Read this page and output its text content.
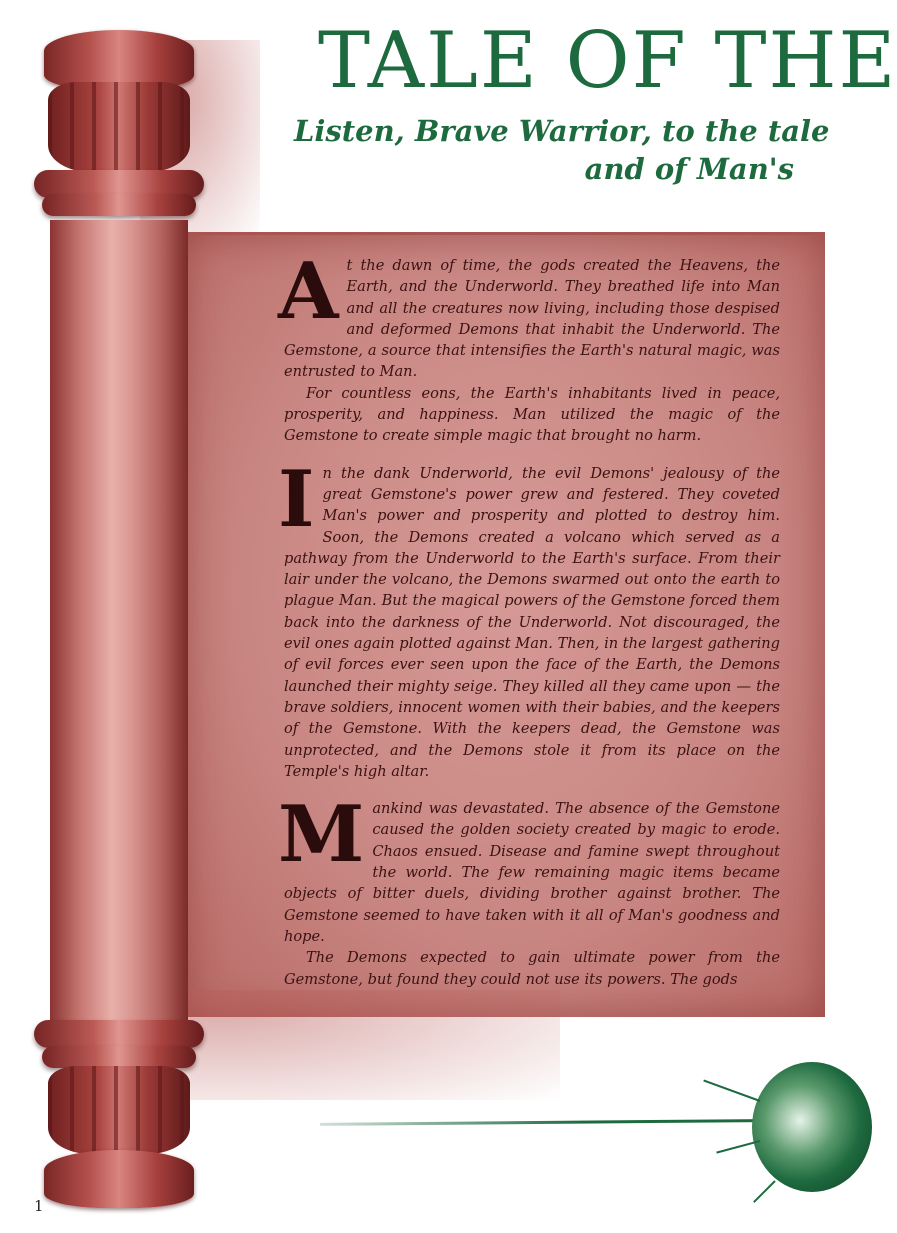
TALE OF THE
Listen, Brave Warrior, to the tale
and of Man's

At the dawn of time, the gods created the Heavens, the Earth, and the Underworld. They breathed life into Man and all the creatures now living, including those despised and deformed Demons that inhabit the Underworld. The Gemstone, a source that intensifies the Earth's natural magic, was entrusted to Man.

For countless eons, the Earth's inhabitants lived in peace, prosperity, and happiness. Man utilized the magic of the Gemstone to create simple magic that brought no harm.

In the dank Underworld, the evil Demons' jealousy of the great Gemstone's power grew and festered. They coveted Man's power and prosperity and plotted to destroy him. Soon, the Demons created a volcano which served as a pathway from the Underworld to the Earth's surface. From their lair under the volcano, the Demons swarmed out onto the earth to plague Man. But the magical powers of the Gemstone forced them back into the darkness of the Underworld. Not discouraged, the evil ones again plotted against Man. Then, in the largest gathering of evil forces ever seen upon the face of the Earth, the Demons launched their mighty seige. They killed all they came upon — the brave soldiers, innocent women with their babies, and the keepers of the Gemstone. With the keepers dead, the Gemstone was unprotected, and the Demons stole it from its place on the Temple's high altar.

Mankind was devastated. The absence of the Gemstone caused the golden society created by magic to erode. Chaos ensued. Disease and famine swept throughout the world. The few remaining magic items became objects of bitter duels, dividing brother against brother. The Gemstone seemed to have taken with it all of Man's goodness and hope.

The Demons expected to gain ultimate power from the Gemstone, but found they could not use its powers. The gods

1
